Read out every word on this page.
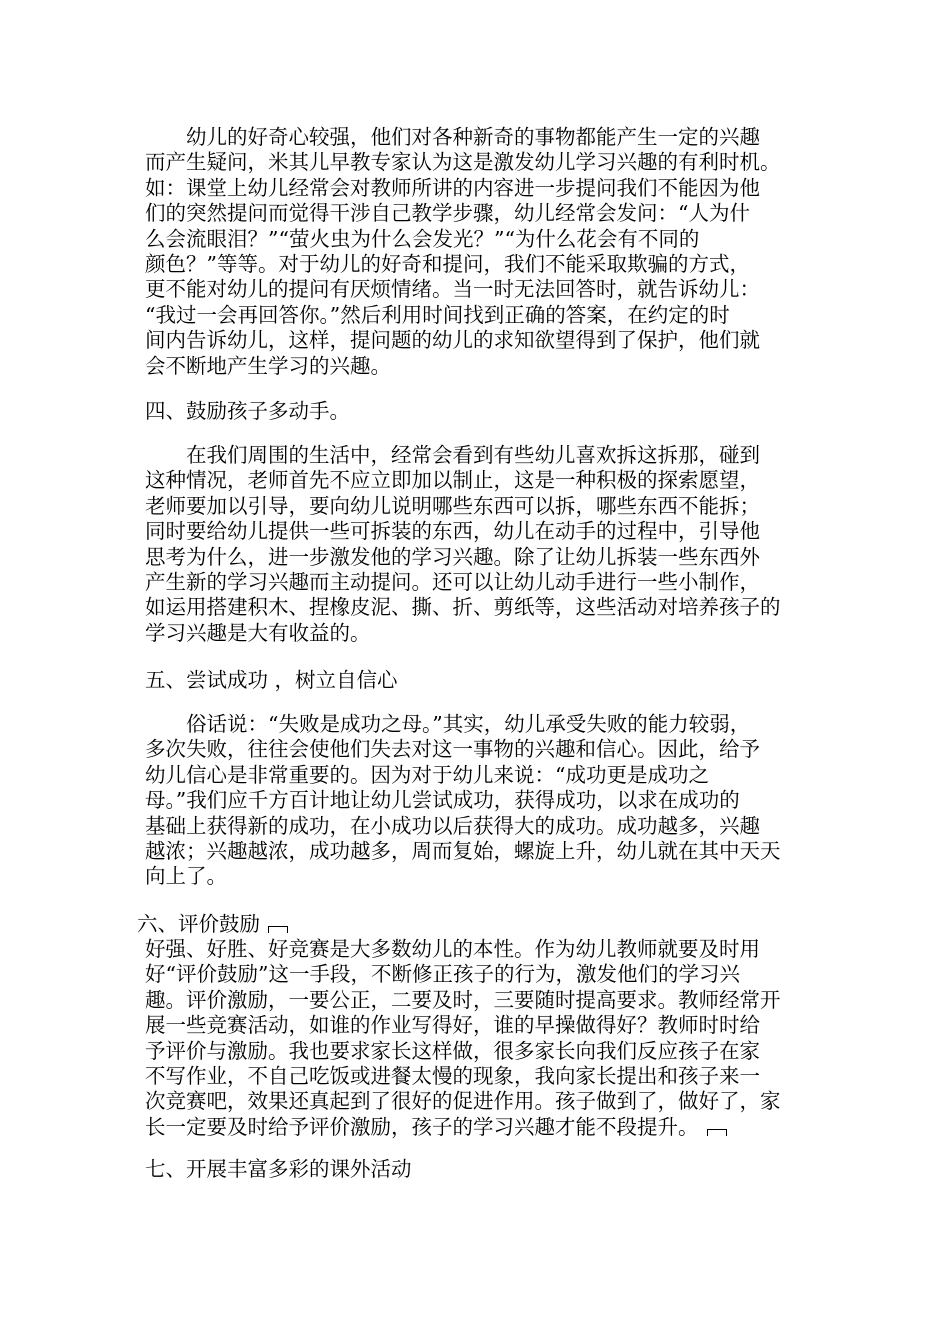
　　幼儿的好奇心较强，他们对各种新奇的事物都能产生一定的兴趣
而产生疑问，米其儿早教专家认为这是激发幼儿学习兴趣的有利时机。
如：课堂上幼儿经常会对教师所讲的内容进一步提问我们不能因为他
们的突然提问而觉得干涉自己教学步骤，幼儿经常会发问：“人为什
么会流眼泪？”“萤火虫为什么会发光？”“为什么花会有不同的
颜色？”等等。对于幼儿的好奇和提问，我们不能采取欺骗的方式，
更不能对幼儿的提问有厌烦情绪。当一时无法回答时，就告诉幼儿：
“我过一会再回答你。”然后利用时间找到正确的答案，在约定的时
间内告诉幼儿，这样，提问题的幼儿的求知欲望得到了保护，他们就
会不断地产生学习的兴趣。
四、鼓励孩子多动手。
　　在我们周围的生活中，经常会看到有些幼儿喜欢拆这拆那，碰到
这种情况，老师首先不应立即加以制止，这是一种积极的探索愿望，
老师要加以引导，要向幼儿说明哪些东西可以拆，哪些东西不能拆；
同时要给幼儿提供一些可拆装的东西，幼儿在动手的过程中，引导他
思考为什么，进一步激发他的学习兴趣。除了让幼儿拆装一些东西外
产生新的学习兴趣而主动提问。还可以让幼儿动手进行一些小制作，
如运用搭建积木、捏橡皮泥、撕、折、剪纸等，这些活动对培养孩子的
学习兴趣是大有收益的。
五、尝试成功 ，树立自信心
　　俗话说：“失败是成功之母。”其实，幼儿承受失败的能力较弱，
多次失败，往往会使他们失去对这一事物的兴趣和信心。因此，给予
幼儿信心是非常重要的。因为对于幼儿来说：“成功更是成功之
母。”我们应千方百计地让幼儿尝试成功，获得成功，以求在成功的
基础上获得新的成功，在小成功以后获得大的成功。成功越多，兴趣
越浓；兴趣越浓，成功越多，周而复始，螺旋上升，幼儿就在其中天天
向上了。
六、评价鼓励
好强、好胜、好竞赛是大多数幼儿的本性。作为幼儿教师就要及时用
好“评价鼓励”这一手段，不断修正孩子的行为，激发他们的学习兴
趣。评价激励，一要公正，二要及时，三要随时提高要求。教师经常开
展一些竞赛活动，如谁的作业写得好，谁的早操做得好？教师时时给
予评价与激励。我也要求家长这样做，很多家长向我们反应孩子在家
不写作业，不自己吃饭或进餐太慢的现象，我向家长提出和孩子来一
次竞赛吧，效果还真起到了很好的促进作用。孩子做到了，做好了，家
长一定要及时给予评价激励，孩子的学习兴趣才能不段提升。
七、开展丰富多彩的课外活动
